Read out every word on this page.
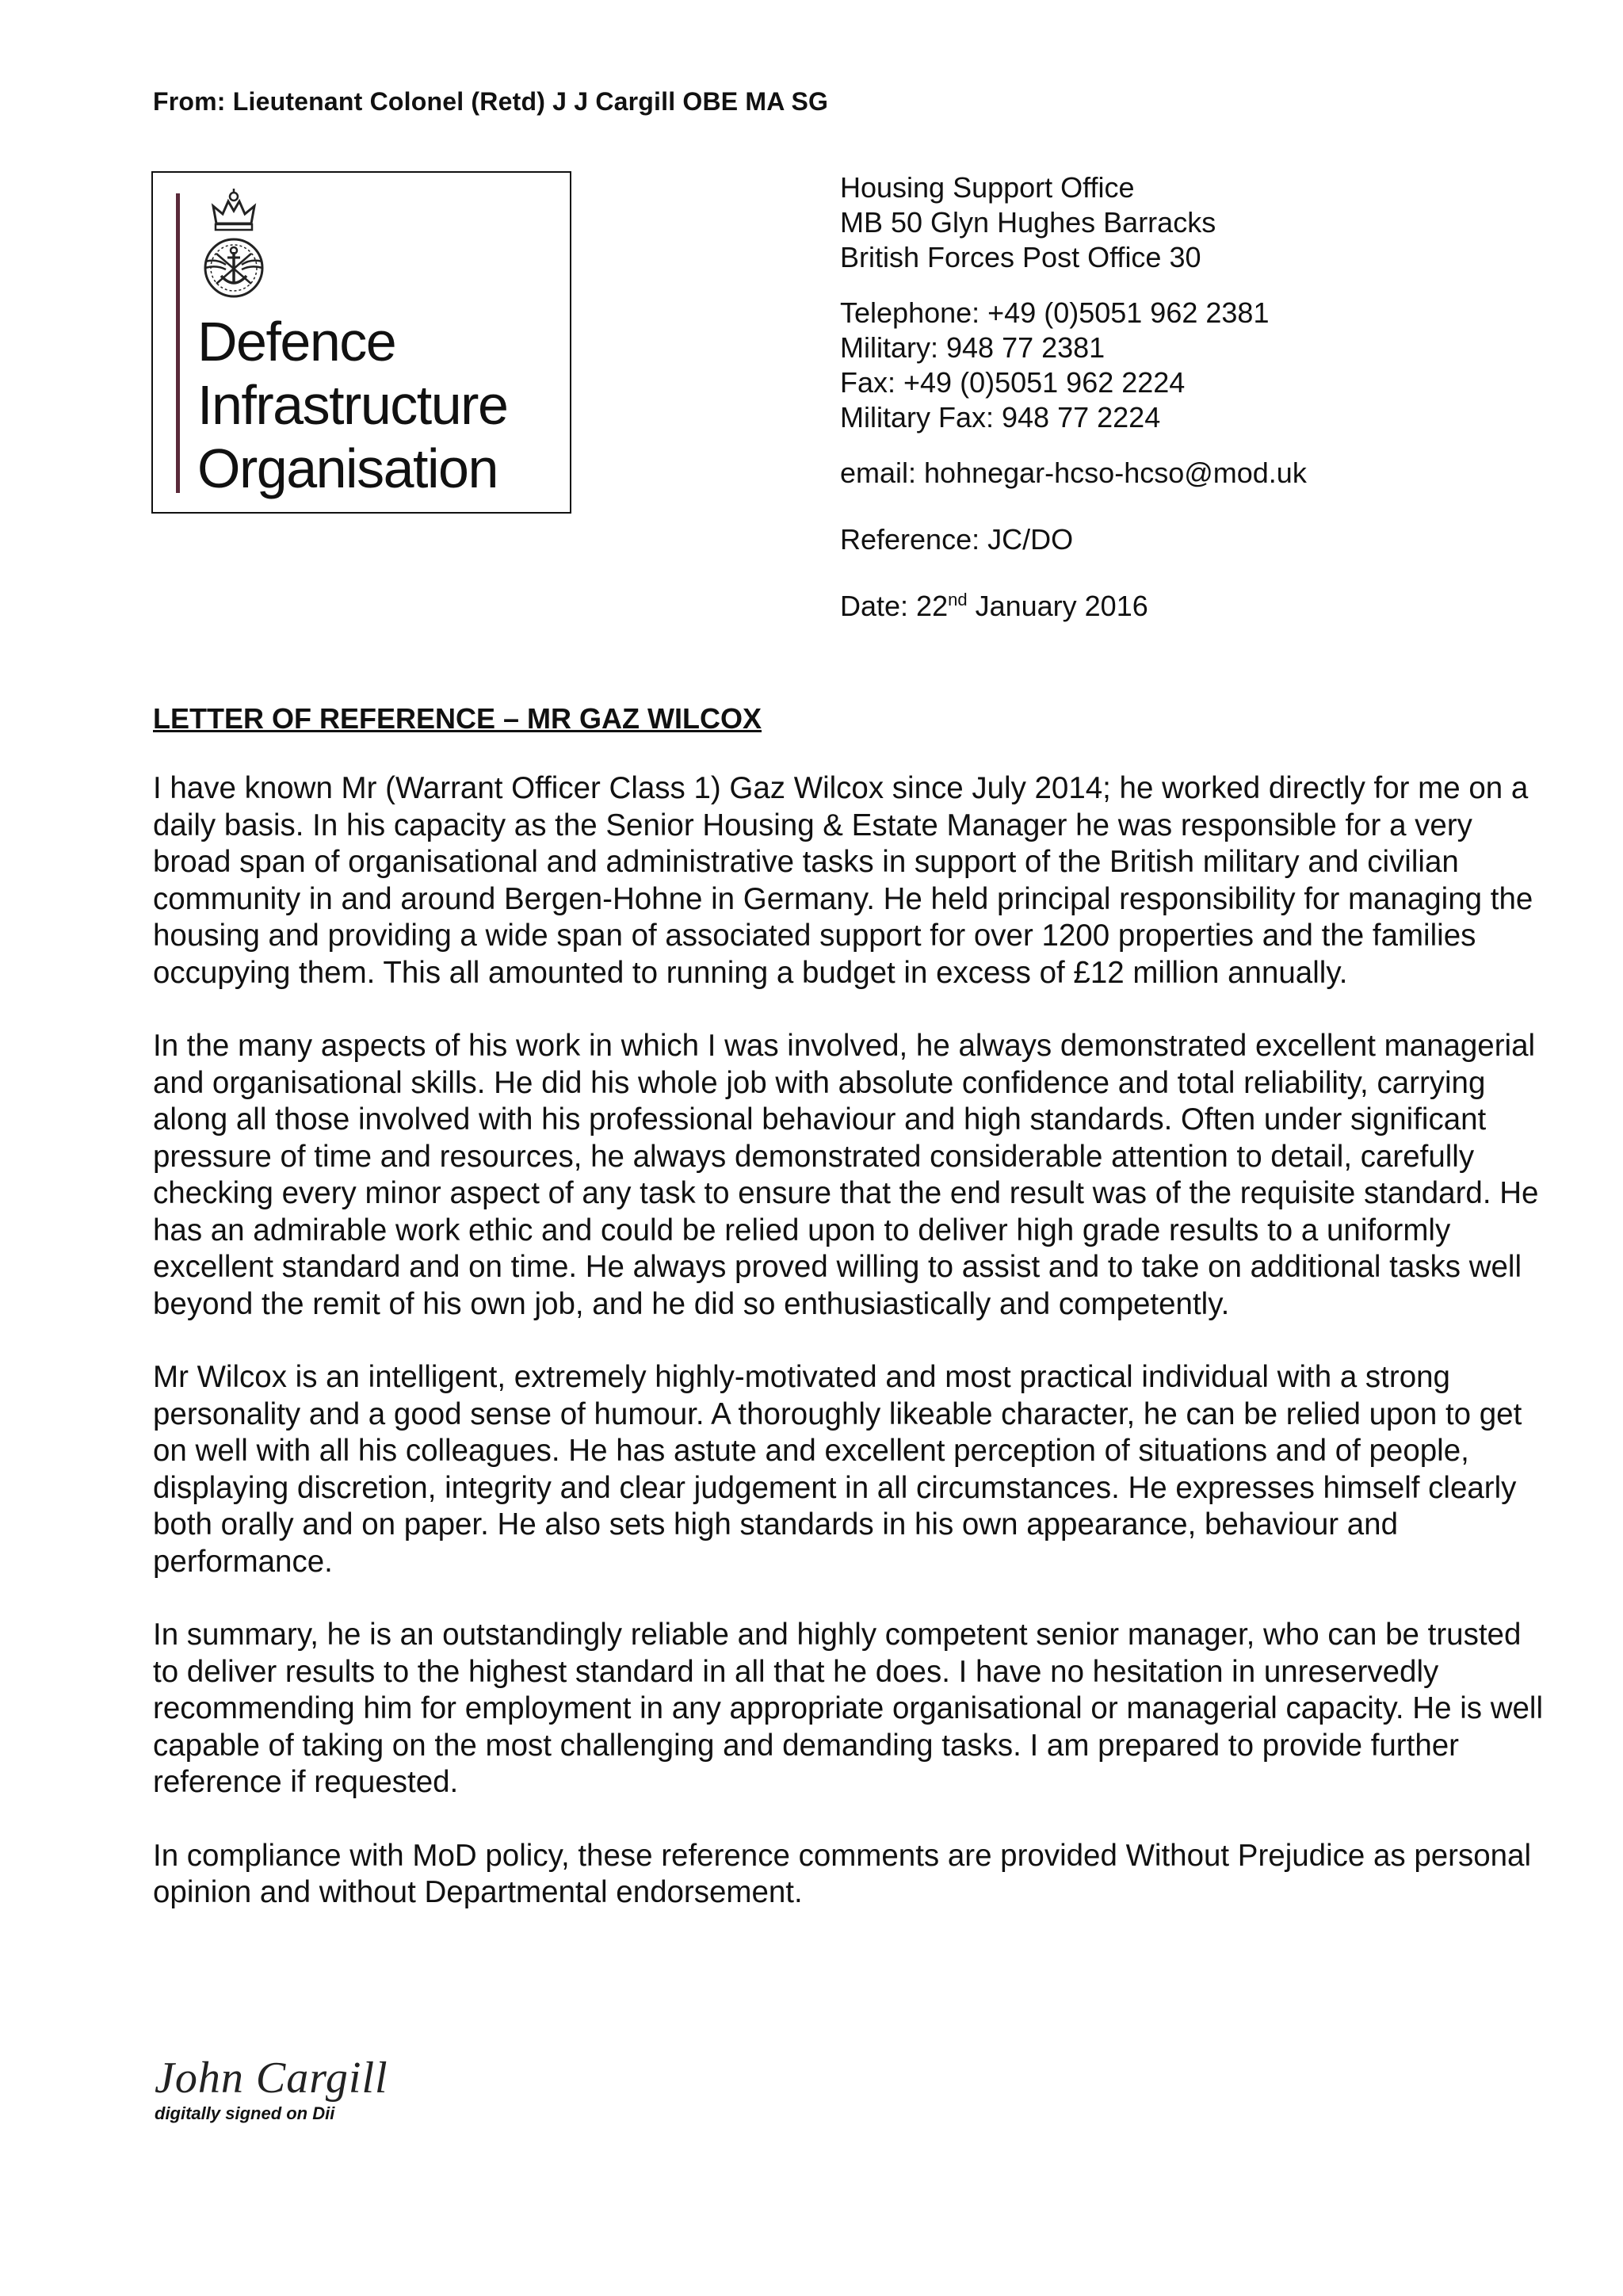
From: Lieutenant Colonel (Retd) J J Cargill OBE MA SG
Defence
Infrastructure
Organisation
Housing Support Office
MB 50 Glyn Hughes Barracks
British Forces Post Office 30
Telephone: +49 (0)5051 962 2381
Military: 948 77 2381
Fax: +49 (0)5051 962 2224
Military Fax: 948 77 2224
email: hohnegar-hcso-hcso@mod.uk
Reference: JC/DO
Date: 22nd January 2016
LETTER OF REFERENCE – MR GAZ WILCOX

I have known Mr (Warrant Officer Class 1) Gaz Wilcox since July 2014; he worked directly for me on a daily basis. In his capacity as the Senior Housing & Estate Manager he was responsible for a very broad span of organisational and administrative tasks in support of the British military and civilian community in and around Bergen-Hohne in Germany. He held principal responsibility for managing the housing and providing a wide span of associated support for over 1200 properties and the families occupying them. This all amounted to running a budget in excess of £12 million annually.

In the many aspects of his work in which I was involved, he always demonstrated excellent managerial and organisational skills. He did his whole job with absolute confidence and total reliability, carrying along all those involved with his professional behaviour and high standards. Often under significant pressure of time and resources, he always demonstrated considerable attention to detail, carefully checking every minor aspect of any task to ensure that the end result was of the requisite standard. He has an admirable work ethic and could be relied upon to deliver high grade results to a uniformly excellent standard and on time. He always proved willing to assist and to take on additional tasks well beyond the remit of his own job, and he did so enthusiastically and competently.

Mr Wilcox is an intelligent, extremely highly-motivated and most practical individual with a strong personality and a good sense of humour. A thoroughly likeable character, he can be relied upon to get on well with all his colleagues. He has astute and excellent perception of situations and of people, displaying discretion, integrity and clear judgement in all circumstances. He expresses himself clearly both orally and on paper. He also sets high standards in his own appearance, behaviour and performance.

In summary, he is an outstandingly reliable and highly competent senior manager, who can be trusted to deliver results to the highest standard in all that he does. I have no hesitation in unreservedly recommending him for employment in any appropriate organisational or managerial capacity. He is well capable of taking on the most challenging and demanding tasks. I am prepared to provide further reference if requested.

In compliance with MoD policy, these reference comments are provided Without Prejudice as personal opinion and without Departmental endorsement.

John Cargill
digitally signed on Dii
